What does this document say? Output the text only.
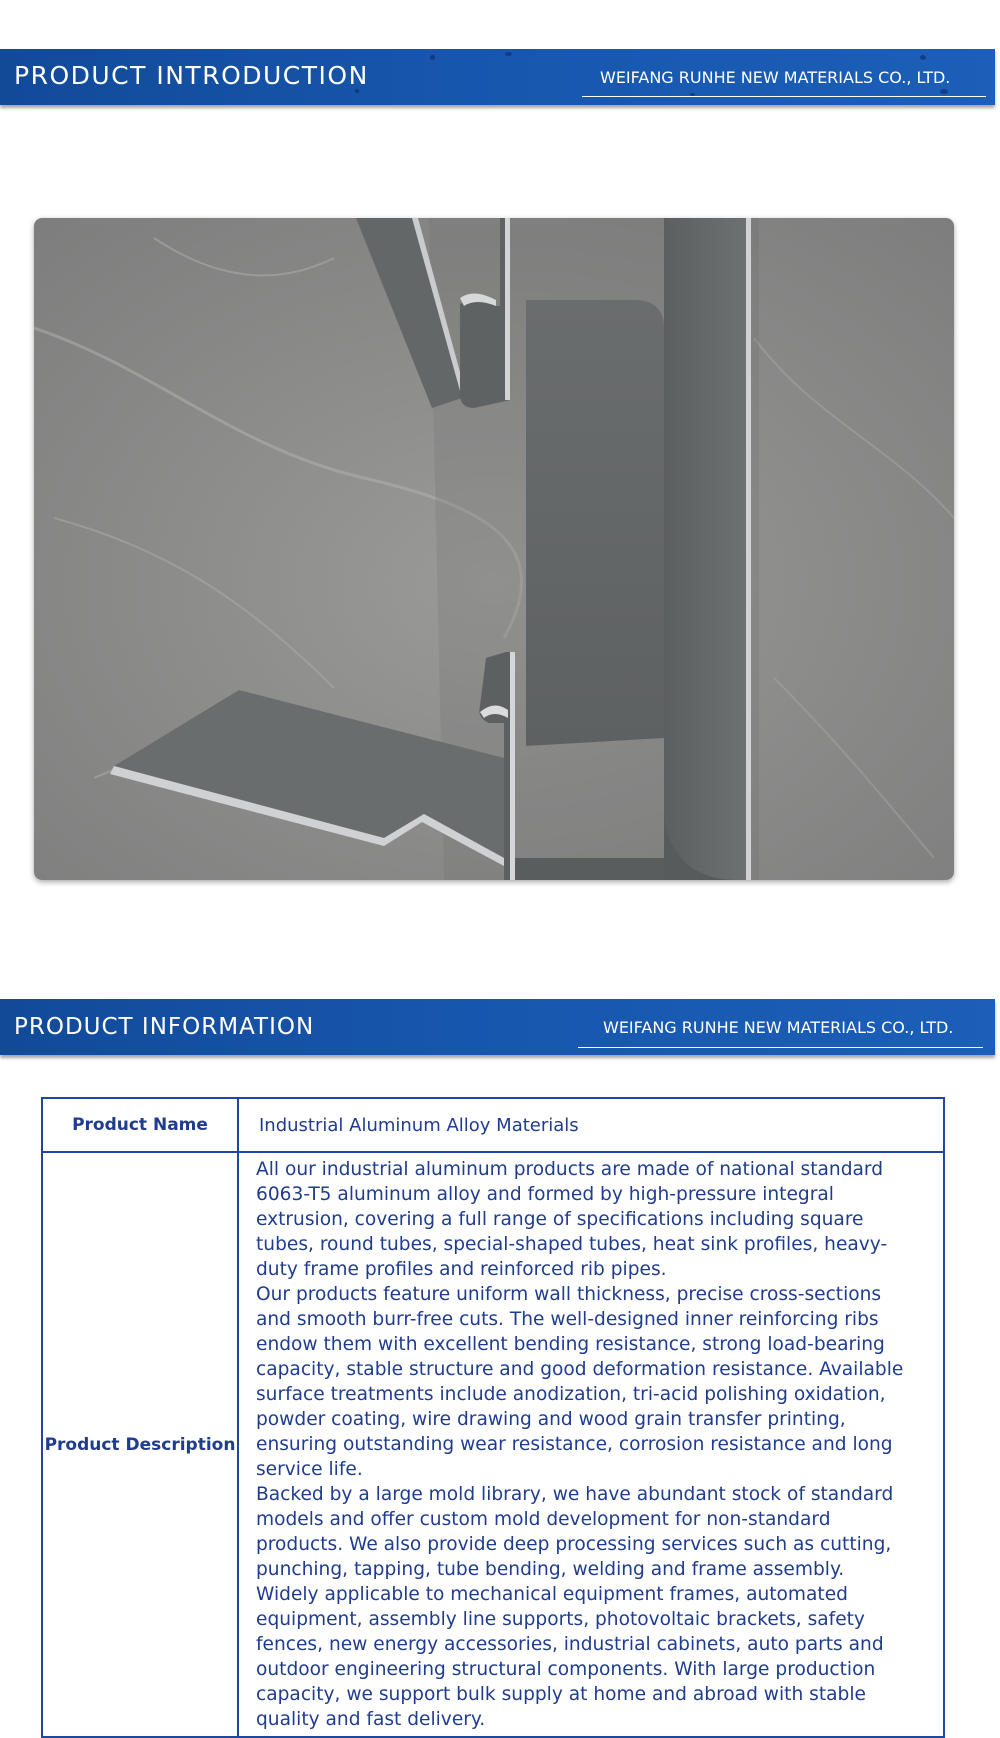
PRODUCT INTRODUCTION	WEIFANG RUNHE NEW MATERIALS CO., LTD.
PRODUCT INFORMATION	WEIFANG RUNHE NEW MATERIALS CO., LTD.
Product Name	Industrial Aluminum Alloy Materials
Product Description	All our industrial aluminum products are made of national standard 6063-T5 aluminum alloy and formed by high-pressure integral extrusion, covering a full range of specifications including square tubes, round tubes, special-shaped tubes, heat sink profiles, heavy-duty frame profiles and reinforced rib pipes.

Our products feature uniform wall thickness, precise cross-sections and smooth burr-free cuts. The well-designed inner reinforcing ribs endow them with excellent bending resistance, strong load-bearing capacity, stable structure and good deformation resistance. Available surface treatments include anodization, tri-acid polishing oxidation, powder coating, wire drawing and wood grain transfer printing, ensuring outstanding wear resistance, corrosion resistance and long service life.

Backed by a large mold library, we have abundant stock of standard models and offer custom mold development for non-standard products. We also provide deep processing services such as cutting, punching, tapping, tube bending, welding and frame assembly.

Widely applicable to mechanical equipment frames, automated equipment, assembly line supports, photovoltaic brackets, safety fences, new energy accessories, industrial cabinets, auto parts and outdoor engineering structural components. With large production capacity, we support bulk supply at home and abroad with stable quality and fast delivery.
